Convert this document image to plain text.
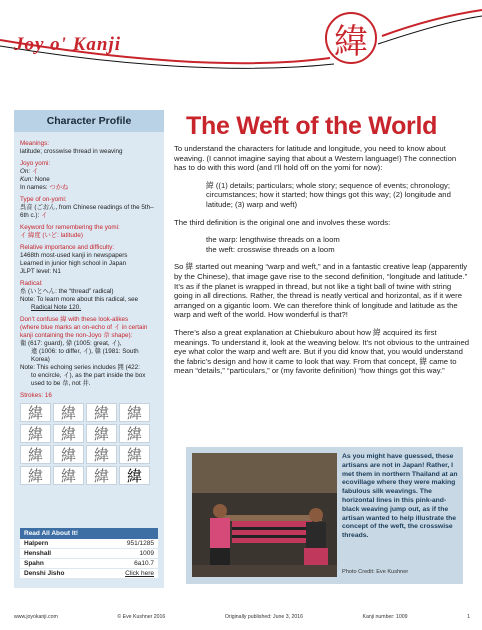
Joy o' Kanji	緯
Character Profile
Meanings:
latitude; crosswise thread in weaving
Joyo yomi:
On: イ
Kun: None
In names: つかね
Type of on-yomi:
呉音 (ごおん, from Chinese readings of the 5th–6th c.): イ
Keyword for remembering the yomi:
イ 緯度 (いど: latitude)
Relative importance and difficulty:
1468th most-used kanji in newspapers
Learned in junior high school in Japan
JLPT level: N1
Radical:
糸 (いとへん: the “thread” radical)
Note: To learn more about this radical, see
Radical Note 120.
Don’t confuse 緯 with these look-alikes
(where blue marks an on-echo of イ in certain kanji containing the non-Joyo 韋 shape):
衛 (617: guard), 偉 (1005: great, イ),
違 (1006: to differ, イ), 韓 (1981: South Korea)
Note: This echoing series includes 囲 (422:
to encircle, イ), as the part inside the box used to be 韋, not 井.
Strokes: 16
緯	緯	緯	緯
緯	緯	緯	緯
緯	緯	緯	緯
緯	緯	緯	緯
Read All About It!
Halpern	951/1285
Henshall	1009
Spahn	6a10.7
Denshi Jisho	Click here
The Weft of the World

To understand the characters for latitude and longitude, you need to know about weaving. (I cannot imagine saying that about a Western language!) The connection has to do with this word (and I’ll hold off on the yomi for now):

緯 ((1) details; particulars; whole story; sequence of events; chronology; circumstances; how it started; how things got this way; (2) longitude and latitude; (3) warp and weft)

The third definition is the original one and involves these words:

the warp: lengthwise threads on a loom
the weft: crosswise threads on a loom

So 緯 started out meaning “warp and weft,” and in a fantastic creative leap (apparently by the Chinese), that image gave rise to the second definition, “longitude and latitude.” It’s as if the planet is wrapped in thread, but not like a tight ball of twine with string going in all directions. Rather, the thread is neatly vertical and horizontal, as if it were arranged on a gigantic loom. We can therefore think of longitude and latitude as the warp and weft of the world. How wonderful is that?!

There’s also a great explanation at Chiebukuro about how 緯 acquired its first meanings. To understand it, look at the weaving below. It’s not obvious to the untrained eye what color the warp and weft are. But if you did know that, you would understand the fabric’s design and how it came to look that way. From that concept, 緯 came to mean “details,” “particulars,” or (my favorite definition) “how things got this way.”

As you might have guessed, these artisans are not in Japan! Rather, I met them in northern Thailand at an ecovillage where they were making fabulous silk weavings. The horizontal lines in this pink-and-black weaving jump out, as if the artisan wanted to help illustrate the concept of the weft, the crosswise threads.
Photo Credit: Eve Kushner
www.joyokanji.com	© Eve Kushner 2016	Originally published: June 3, 2016	Kanji number: 1009	1
